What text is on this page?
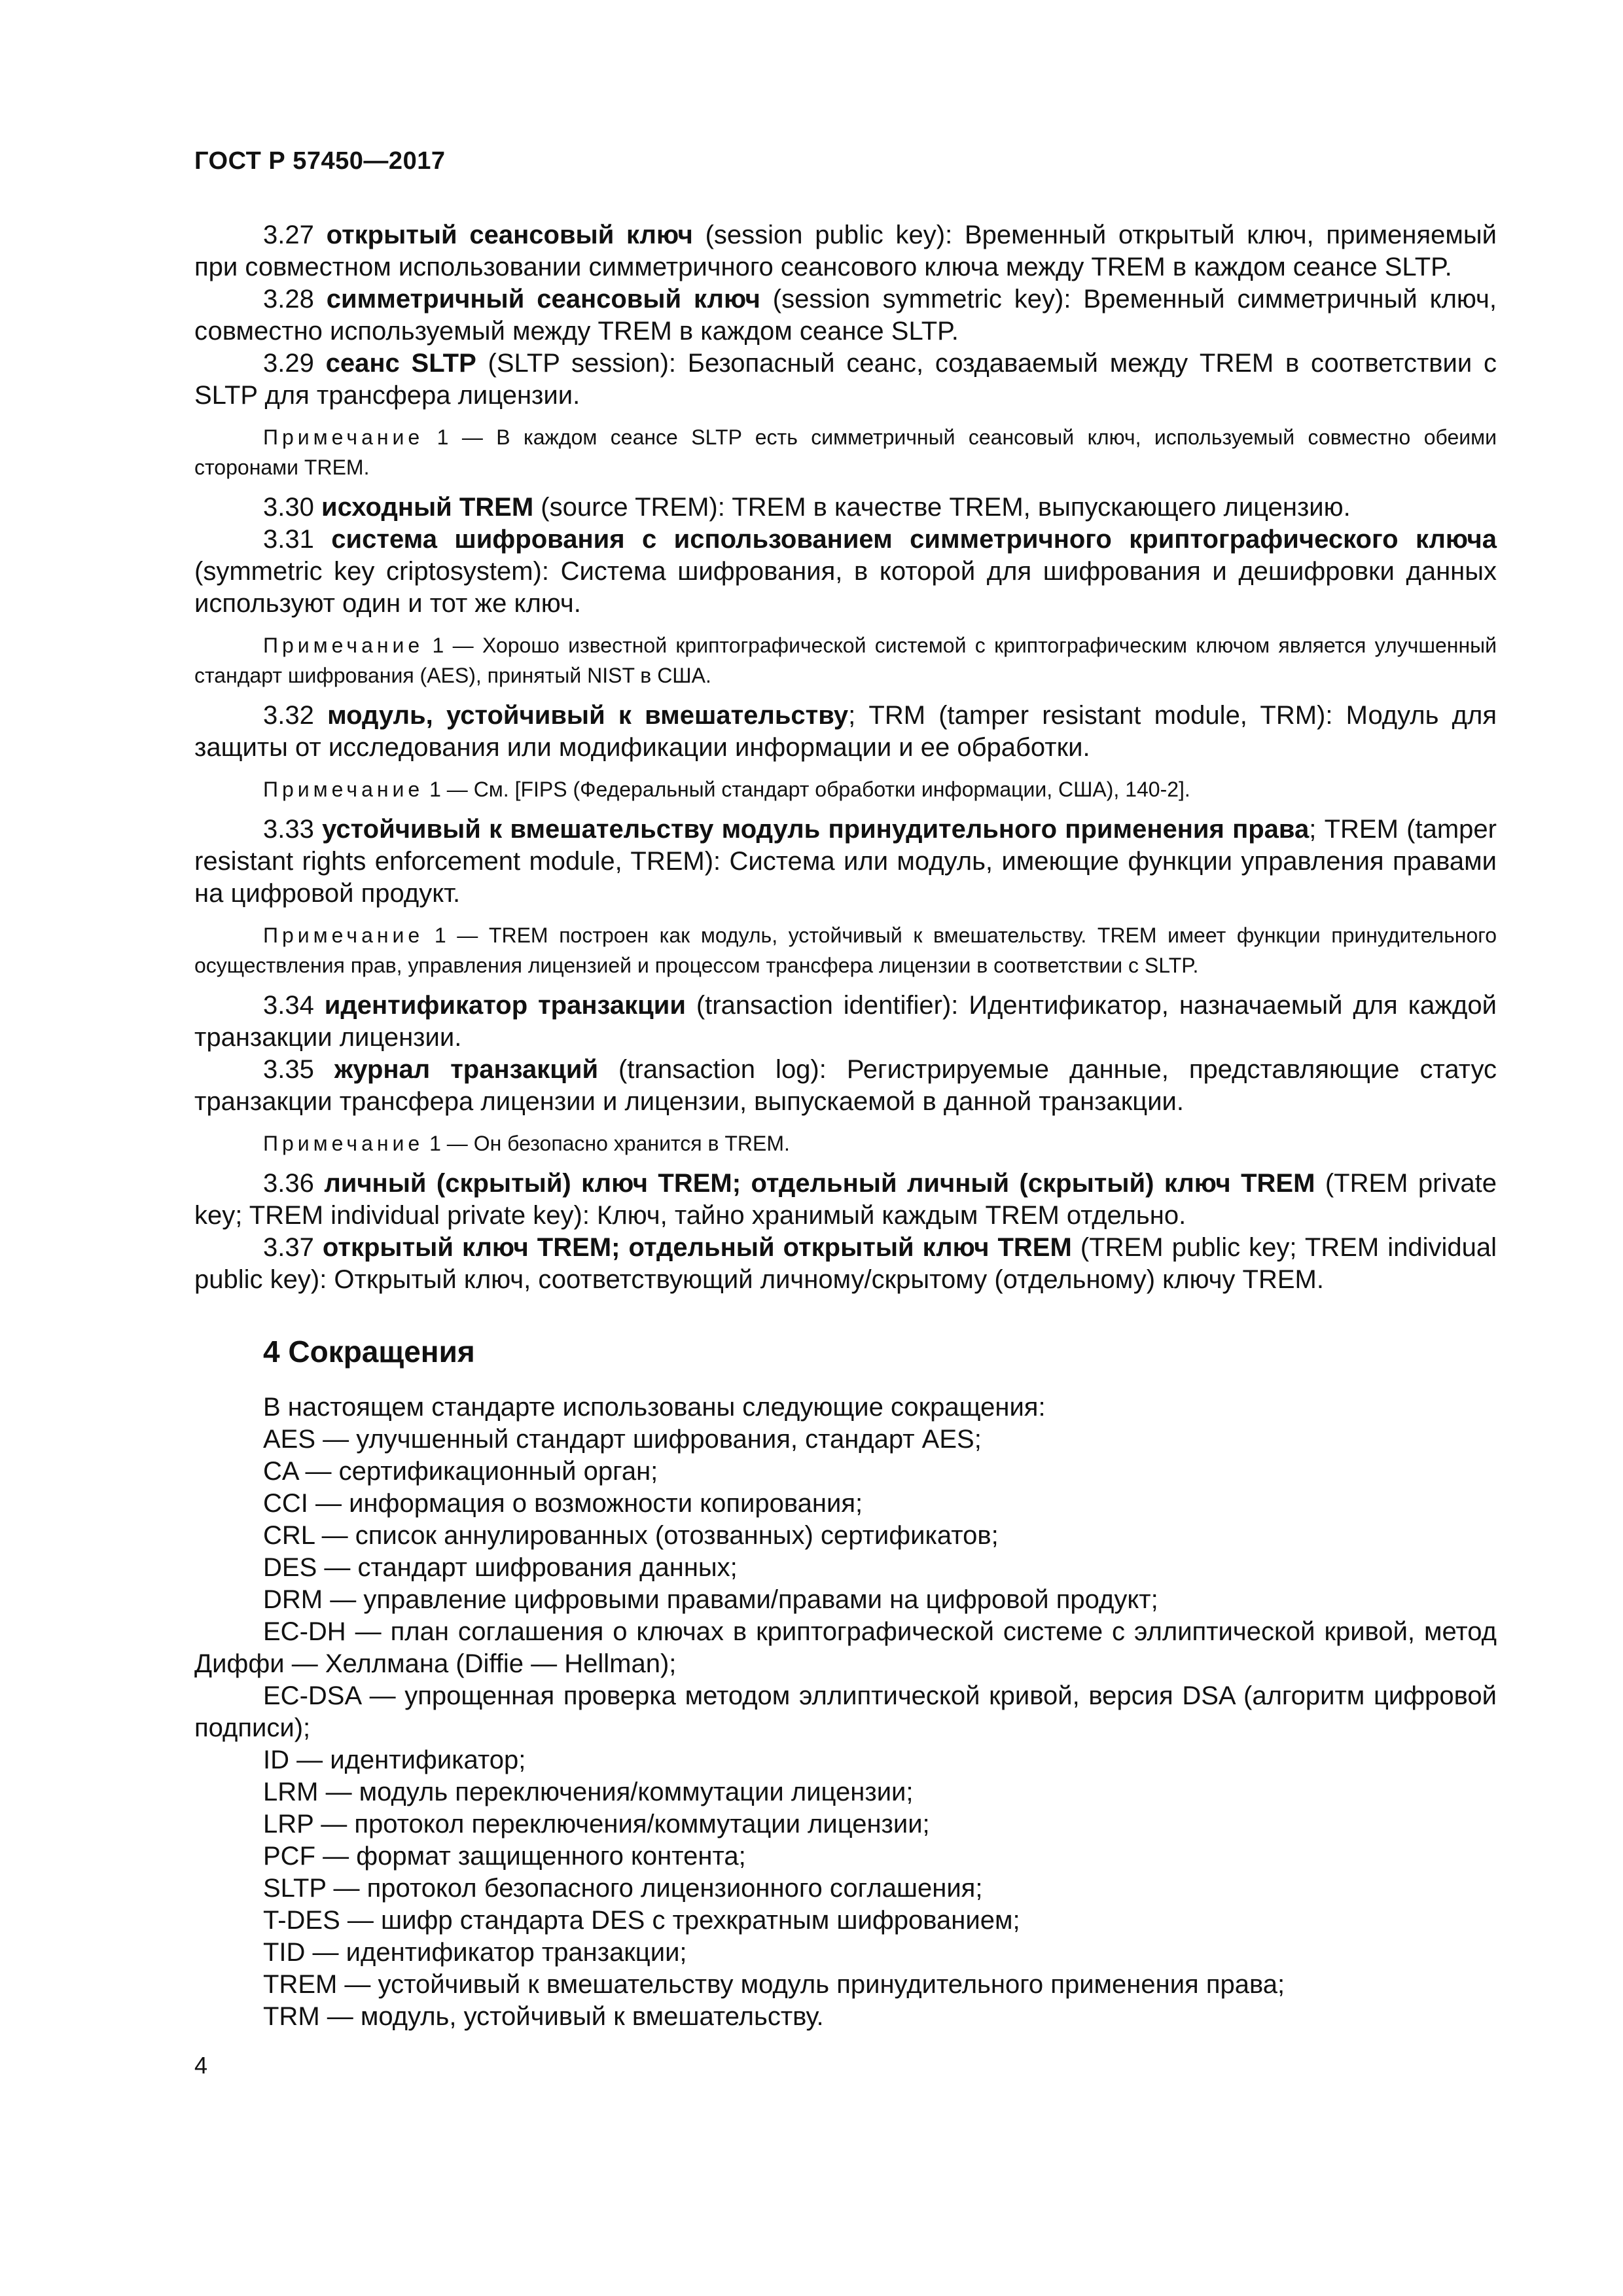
ГОСТ Р 57450—2017

3.27 открытый сеансовый ключ (session public key): Временный открытый ключ, применяемый при совместном использовании симметричного сеансового ключа между TREM в каждом сеансе SLTP.

3.28 симметричный сеансовый ключ (session symmetric key): Временный симметричный ключ, совместно используемый между TREM в каждом сеансе SLTP.

3.29 сеанс SLTP (SLTP session): Безопасный сеанс, создаваемый между TREM в соответствии с SLTP для трансфера лицензии.

Примечание 1 — В каждом сеансе SLTP есть симметричный сеансовый ключ, используемый совместно обеими сторонами TREM.

3.30 исходный TREM (source TREM): TREM в качестве TREM, выпускающего лицензию.

3.31 система шифрования с использованием симметричного криптографического ключа (symmetric key criptosystem): Система шифрования, в которой для шифрования и дешифровки данных используют один и тот же ключ.

Примечание 1 — Хорошо известной криптографической системой с криптографическим ключом является улучшенный стандарт шифрования (AES), принятый NIST в США.

3.32 модуль, устойчивый к вмешательству; TRM (tamper resistant module, TRM): Модуль для защиты от исследования или модификации информации и ее обработки.

Примечание 1 — См. [FIPS (Федеральный стандарт обработки информации, США), 140-2].

3.33 устойчивый к вмешательству модуль принудительного применения права; TREM (tamper resistant rights enforcement module, TREM): Система или модуль, имеющие функции управления правами на цифровой продукт.

Примечание 1 — TREM построен как модуль, устойчивый к вмешательству. TREM имеет функции принудительного осуществления прав, управления лицензией и процессом трансфера лицензии в соответствии с SLTP.

3.34 идентификатор транзакции (transaction identifier): Идентификатор, назначаемый для каждой транзакции лицензии.

3.35 журнал транзакций (transaction log): Регистрируемые данные, представляющие статус транзакции трансфера лицензии и лицензии, выпускаемой в данной транзакции.

Примечание 1 — Он безопасно хранится в TREM.

3.36 личный (скрытый) ключ TREM; отдельный личный (скрытый) ключ TREM (TREM private key; TREM individual private key): Ключ, тайно хранимый каждым TREM отдельно.

3.37 открытый ключ TREM; отдельный открытый ключ TREM (TREM public key; TREM individual public key): Открытый ключ, соответствующий личному/скрытому (отдельному) ключу TREM.

4 Сокращения

В настоящем стандарте использованы следующие сокращения:

AES — улучшенный стандарт шифрования, стандарт AES;

CA — сертификационный орган;

CCI — информация о возможности копирования;

CRL — список аннулированных (отозванных) сертификатов;

DES — стандарт шифрования данных;

DRM — управление цифровыми правами/правами на цифровой продукт;

EC-DH — план соглашения о ключах в криптографической системе с эллиптической кривой, метод Диффи — Хеллмана (Diffie — Hellman);

EC-DSA — упрощенная проверка методом эллиптической кривой, версия DSA (алгоритм цифровой подписи);

ID — идентификатор;

LRM — модуль переключения/коммутации лицензии;

LRP — протокол переключения/коммутации лицензии;

PCF — формат защищенного контента;

SLTP — протокол безопасного лицензионного соглашения;

T-DES — шифр стандарта DES с трехкратным шифрованием;

TID — идентификатор транзакции;

TREM — устойчивый к вмешательству модуль принудительного применения права;

TRM — модуль, устойчивый к вмешательству.

4
